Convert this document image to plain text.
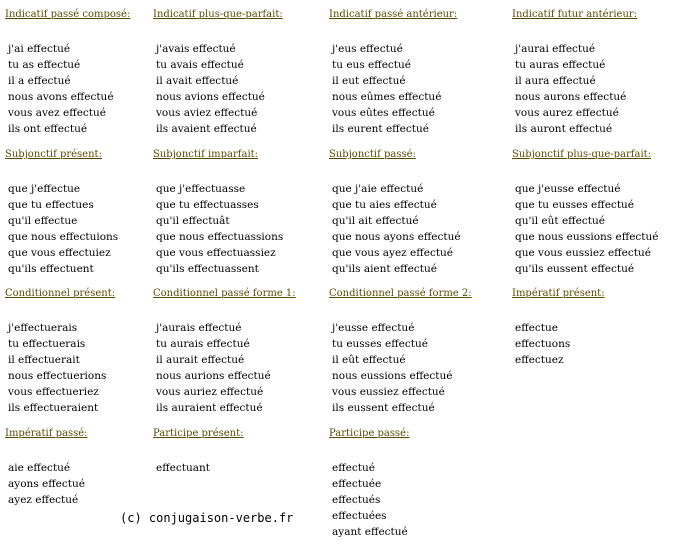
Indicatif passé composé:
j'ai effectué
tu as effectué
il a effectué
nous avons effectué
vous avez effectué
ils ont effectué
Indicatif plus-que-parfait:
j'avais effectué
tu avais effectué
il avait effectué
nous avions effectué
vous aviez effectué
ils avaient effectué
Indicatif passé antérieur:
j'eus effectué
tu eus effectué
il eut effectué
nous eûmes effectué
vous eûtes effectué
ils eurent effectué
Indicatif futur antérieur:
j'aurai effectué
tu auras effectué
il aura effectué
nous aurons effectué
vous aurez effectué
ils auront effectué
Subjonctif présent:
que j'effectue
que tu effectues
qu'il effectue
que nous effectuions
que vous effectuiez
qu'ils effectuent
Subjonctif imparfait:
que j'effectuasse
que tu effectuasses
qu'il effectuât
que nous effectuassions
que vous effectuassiez
qu'ils effectuassent
Subjonctif passé:
que j'aie effectué
que tu aies effectué
qu'il ait effectué
que nous ayons effectué
que vous ayez effectué
qu'ils aient effectué
Subjonctif plus-que-parfait:
que j'eusse effectué
que tu eusses effectué
qu'il eût effectué
que nous eussions effectué
que vous eussiez effectué
qu'ils eussent effectué
Conditionnel présent:
j'effectuerais
tu effectuerais
il effectuerait
nous effectuerions
vous effectueriez
ils effectueraient
Conditionnel passé forme 1:
j'aurais effectué
tu aurais effectué
il aurait effectué
nous aurions effectué
vous auriez effectué
ils auraient effectué
Conditionnel passé forme 2:
j'eusse effectué
tu eusses effectué
il eût effectué
nous eussions effectué
vous eussiez effectué
ils eussent effectué
Impératif présent:
effectue
effectuons
effectuez
Impératif passé:
aie effectué
ayons effectué
ayez effectué
Participe présent:
effectuant
Participe passé:
effectué
effectuée
effectués
effectuées
ayant effectué
(c) conjugaison-verbe.fr
